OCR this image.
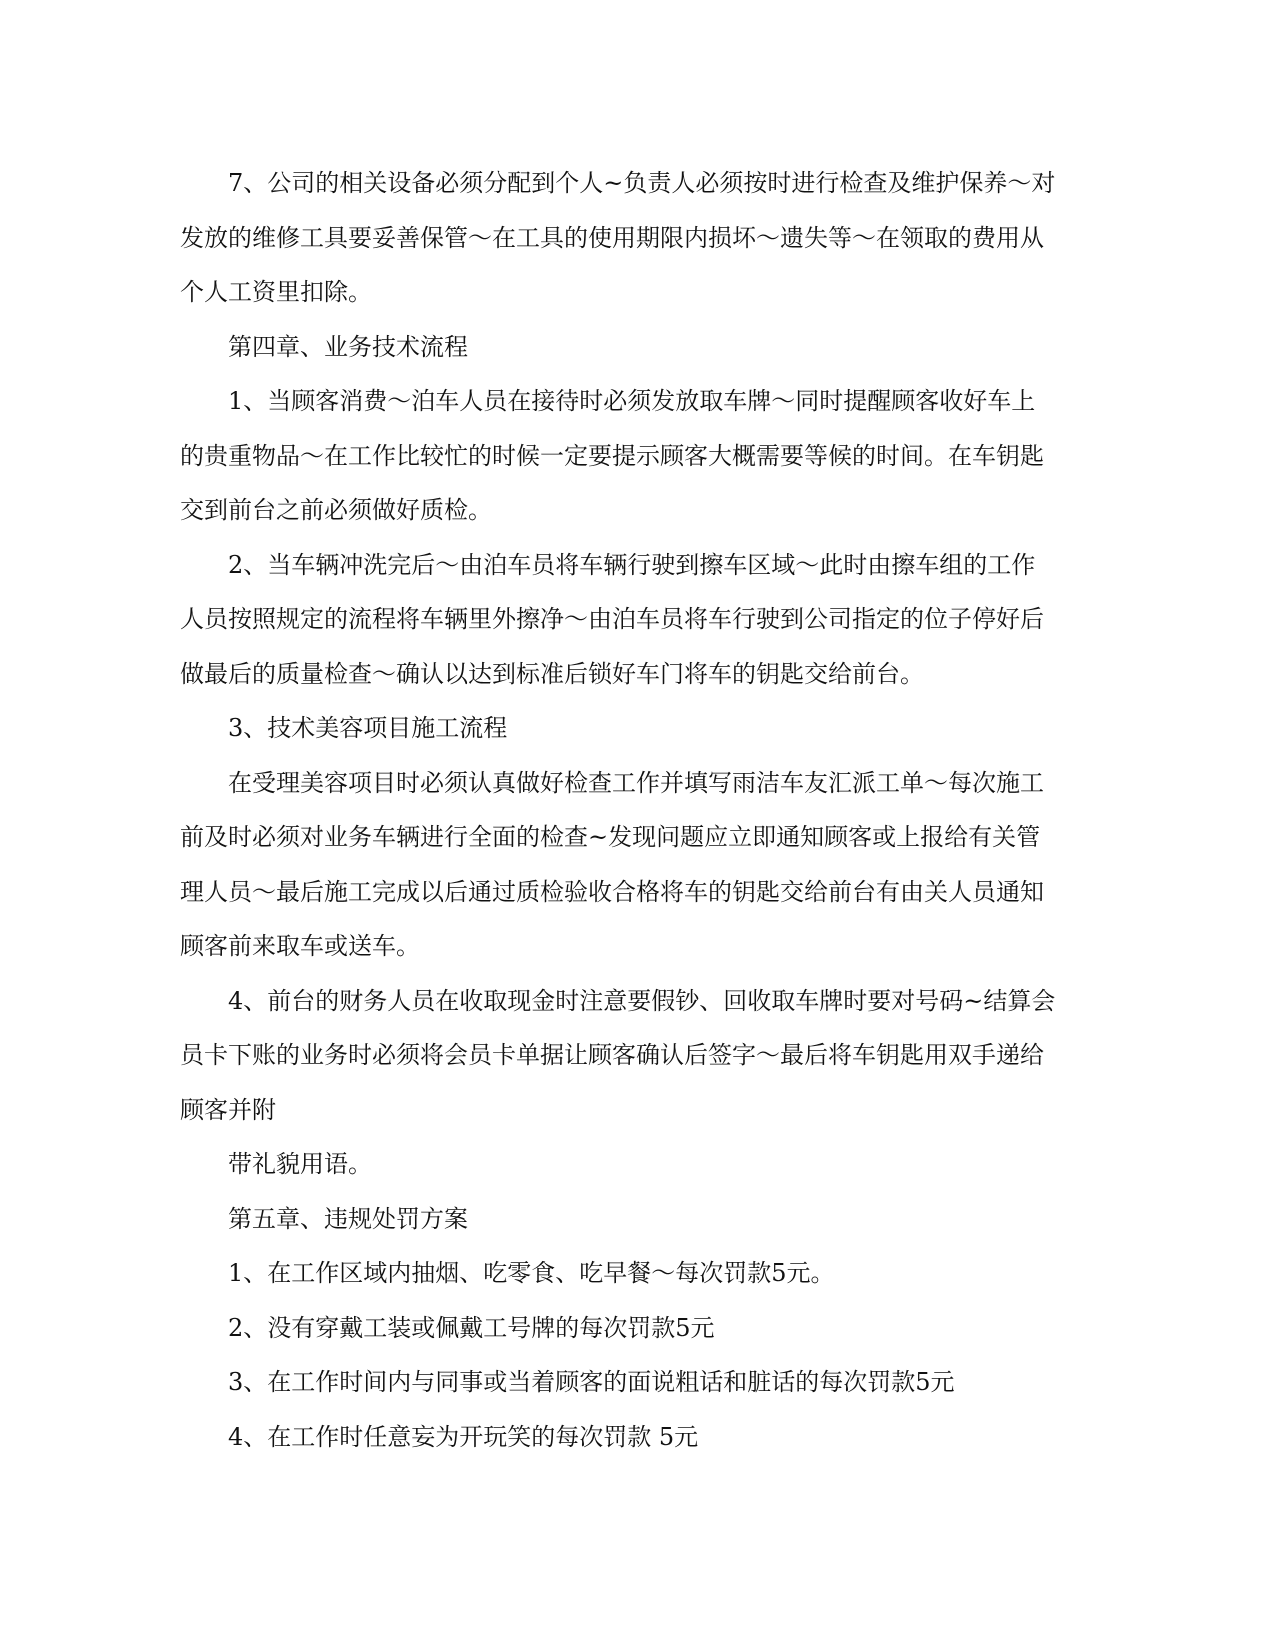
7、公司的相关设备必须分配到个人~负责人必须按时进行检查及维护保养～对
发放的维修工具要妥善保管～在工具的使用期限内损坏～遗失等～在领取的费用从
个人工资里扣除。
第四章、业务技术流程
1、当顾客消费～泊车人员在接待时必须发放取车牌～同时提醒顾客收好车上
的贵重物品～在工作比较忙的时候一定要提示顾客大概需要等候的时间。在车钥匙
交到前台之前必须做好质检。
2、当车辆冲洗完后～由泊车员将车辆行驶到擦车区域～此时由擦车组的工作
人员按照规定的流程将车辆里外擦净～由泊车员将车行驶到公司指定的位子停好后
做最后的质量检查～确认以达到标准后锁好车门将车的钥匙交给前台。
3、技术美容项目施工流程
在受理美容项目时必须认真做好检查工作并填写雨洁车友汇派工单～每次施工
前及时必须对业务车辆进行全面的检查~发现问题应立即通知顾客或上报给有关管
理人员～最后施工完成以后通过质检验收合格将车的钥匙交给前台有由关人员通知
顾客前来取车或送车。
4、前台的财务人员在收取现金时注意要假钞、回收取车牌时要对号码~结算会
员卡下账的业务时必须将会员卡单据让顾客确认后签字～最后将车钥匙用双手递给
顾客并附
带礼貌用语。
第五章、违规处罚方案
1、在工作区域内抽烟、吃零食、吃早餐～每次罚款5元。
2、没有穿戴工装或佩戴工号牌的每次罚款5元
3、在工作时间内与同事或当着顾客的面说粗话和脏话的每次罚款5元
4、在工作时任意妄为开玩笑的每次罚款 5元
